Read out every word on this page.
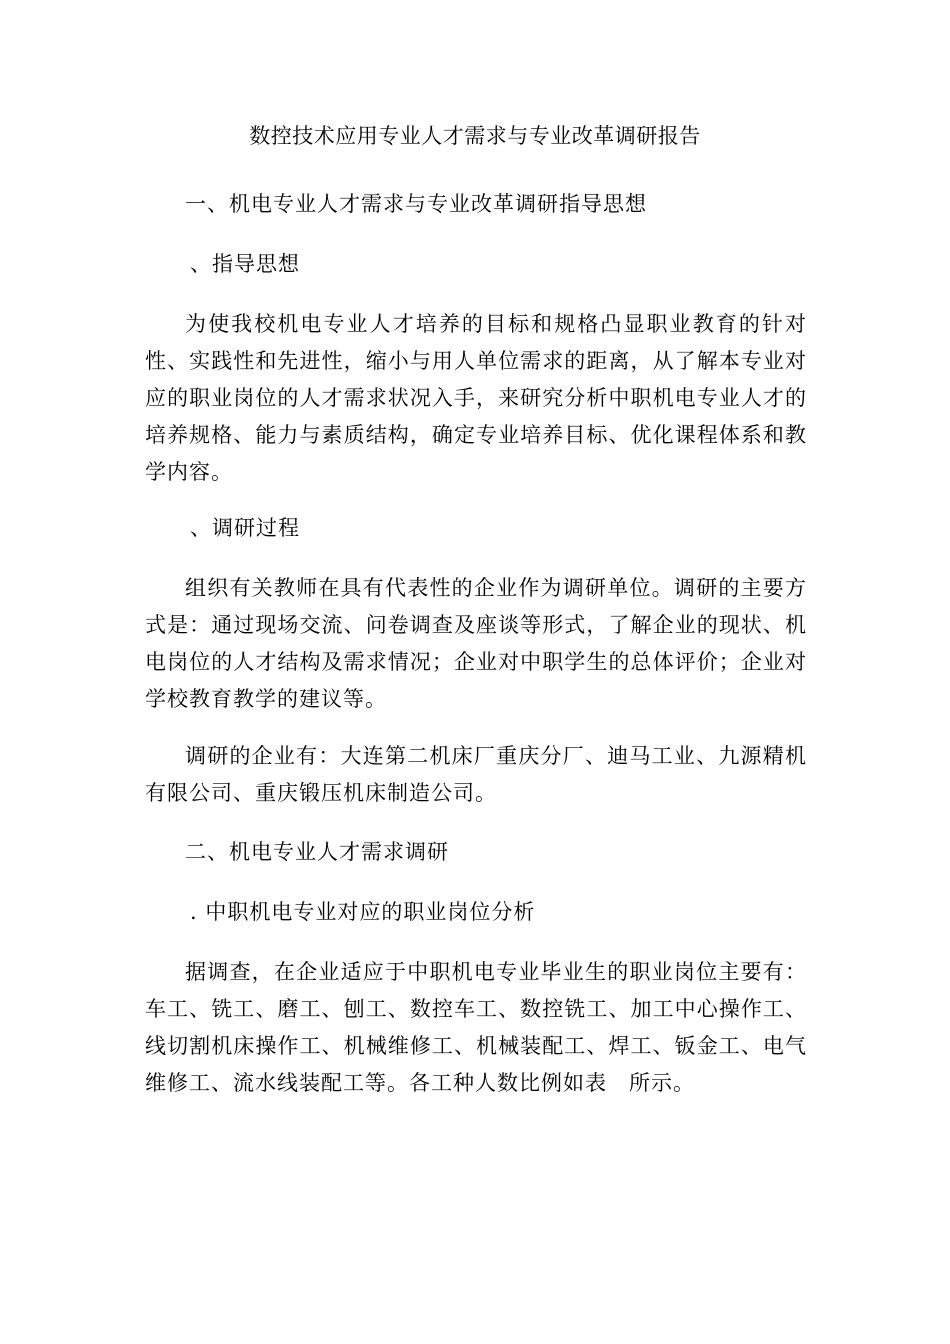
数控技术应用专业人才需求与专业改革调研报告
一、机电专业人才需求与专业改革调研指导思想
、指导思想
为使我校机电专业人才培养的目标和规格凸显职业教育的针对性、实践性和先进性，缩小与用人单位需求的距离，从了解本专业对应的职业岗位的人才需求状况入手，来研究分析中职机电专业人才的培养规格、能力与素质结构，确定专业培养目标、优化课程体系和教学内容。
、调研过程
组织有关教师在具有代表性的企业作为调研单位。调研的主要方式是：通过现场交流、问卷调查及座谈等形式，了解企业的现状、机电岗位的人才结构及需求情况；企业对中职学生的总体评价；企业对学校教育教学的建议等。
调研的企业有：大连第二机床厂重庆分厂、迪马工业、九源精机有限公司、重庆锻压机床制造公司。
二、机电专业人才需求调研
. 中职机电专业对应的职业岗位分析
据调查，在企业适应于中职机电专业毕业生的职业岗位主要有：车工、铣工、磨工、刨工、数控车工、数控铣工、加工中心操作工、线切割机床操作工、机械维修工、机械装配工、焊工、钣金工、电气维修工、流水线装配工等。各工种人数比例如表　所示。
